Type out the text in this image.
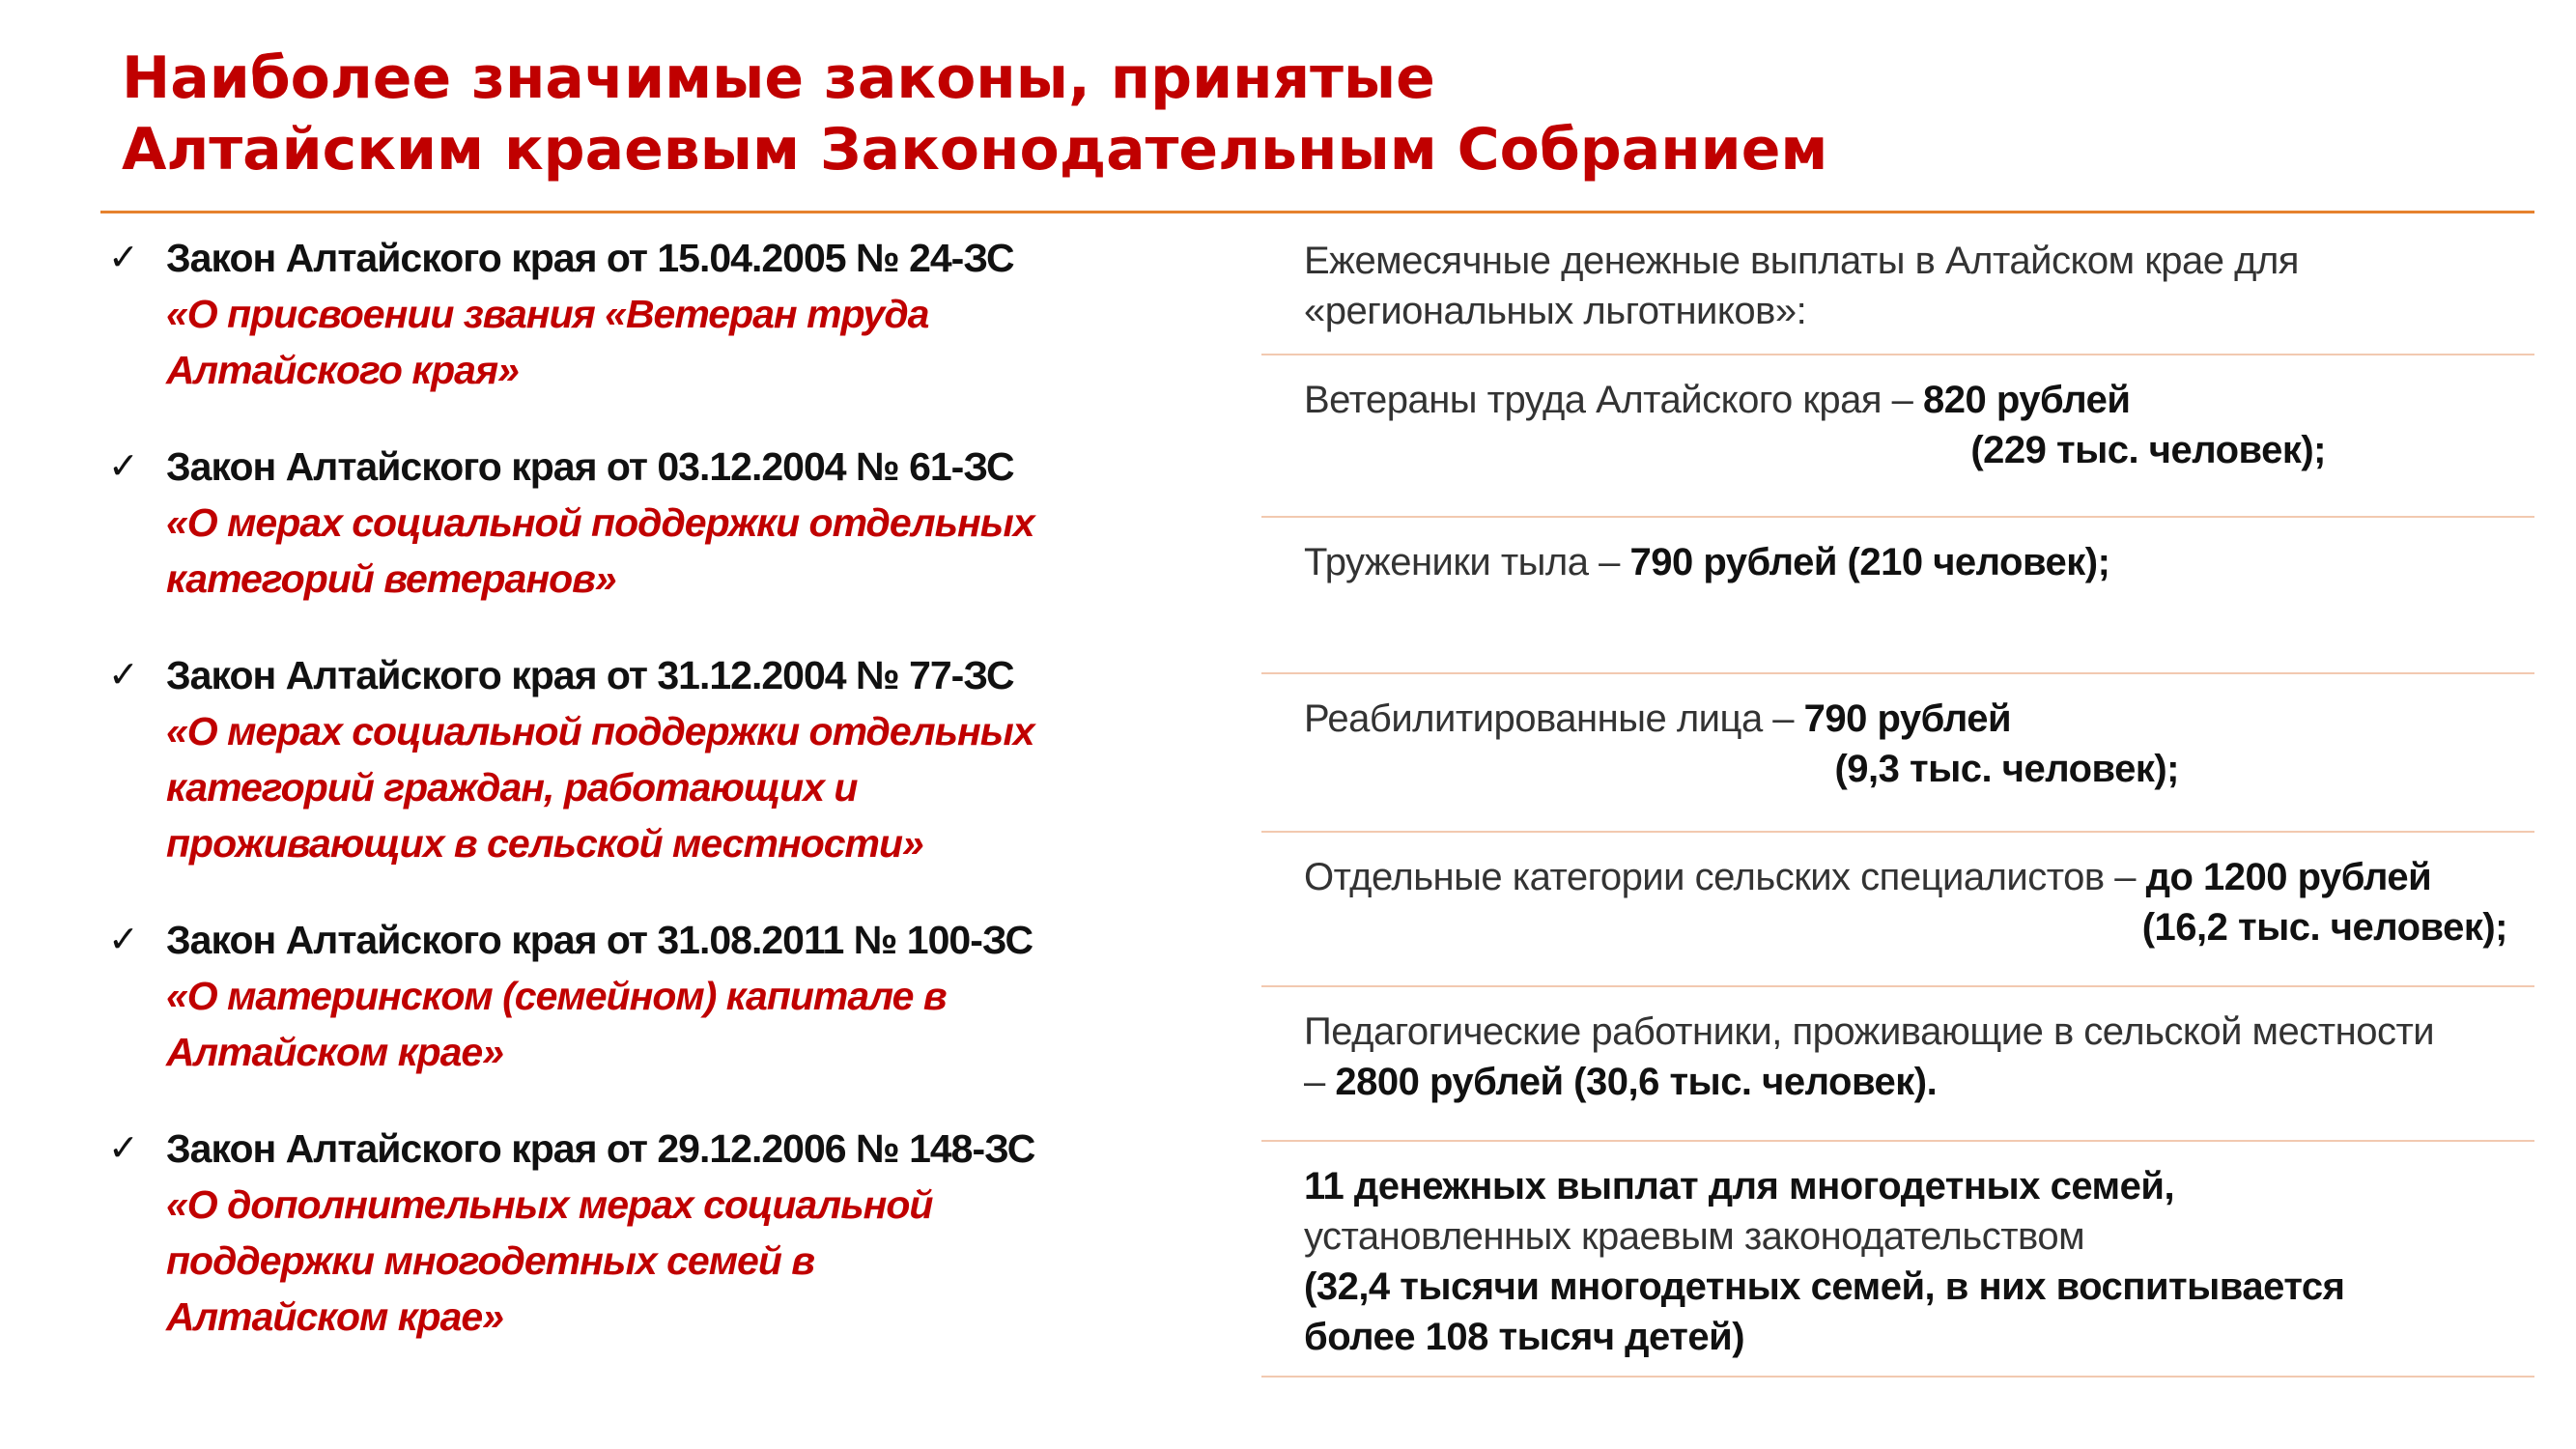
Наиболее значимые законы, принятые
Алтайским краевым Законодательным Собранием
✓ Закон Алтайского края от 15.04.2005 № 24-ЗС
«О присвоении звания «Ветеран труда
Алтайского края»
✓ Закон Алтайского края от 03.12.2004 № 61-ЗС
«О мерах социальной поддержки отдельных
категорий ветеранов»
✓ Закон Алтайского края от 31.12.2004 № 77-ЗС
«О мерах социальной поддержки отдельных
категорий граждан, работающих и
проживающих в сельской местности»
✓ Закон Алтайского края от 31.08.2011 № 100-ЗС
«О материнском (семейном) капитале в
Алтайском крае»
✓ Закон Алтайского края от 29.12.2006 № 148-ЗС
«О дополнительных мерах социальной
поддержки многодетных семей в
Алтайском крае»
Ежемесячные денежные выплаты в Алтайском крае для
«региональных льготников»:
Ветераны труда Алтайского края – 820 рублей
(229 тыс. человек);
Труженики тыла – 790 рублей (210 человек);
Реабилитированные лица – 790 рублей
(9,3 тыс. человек);
Отдельные категории сельских специалистов – до 1200 рублей
(16,2 тыс. человек);
Педагогические работники, проживающие в сельской местности
– 2800 рублей (30,6 тыс. человек).
11 денежных выплат для многодетных семей,
установленных краевым законодательством
(32,4 тысячи многодетных семей, в них воспитывается
более 108 тысяч детей)
